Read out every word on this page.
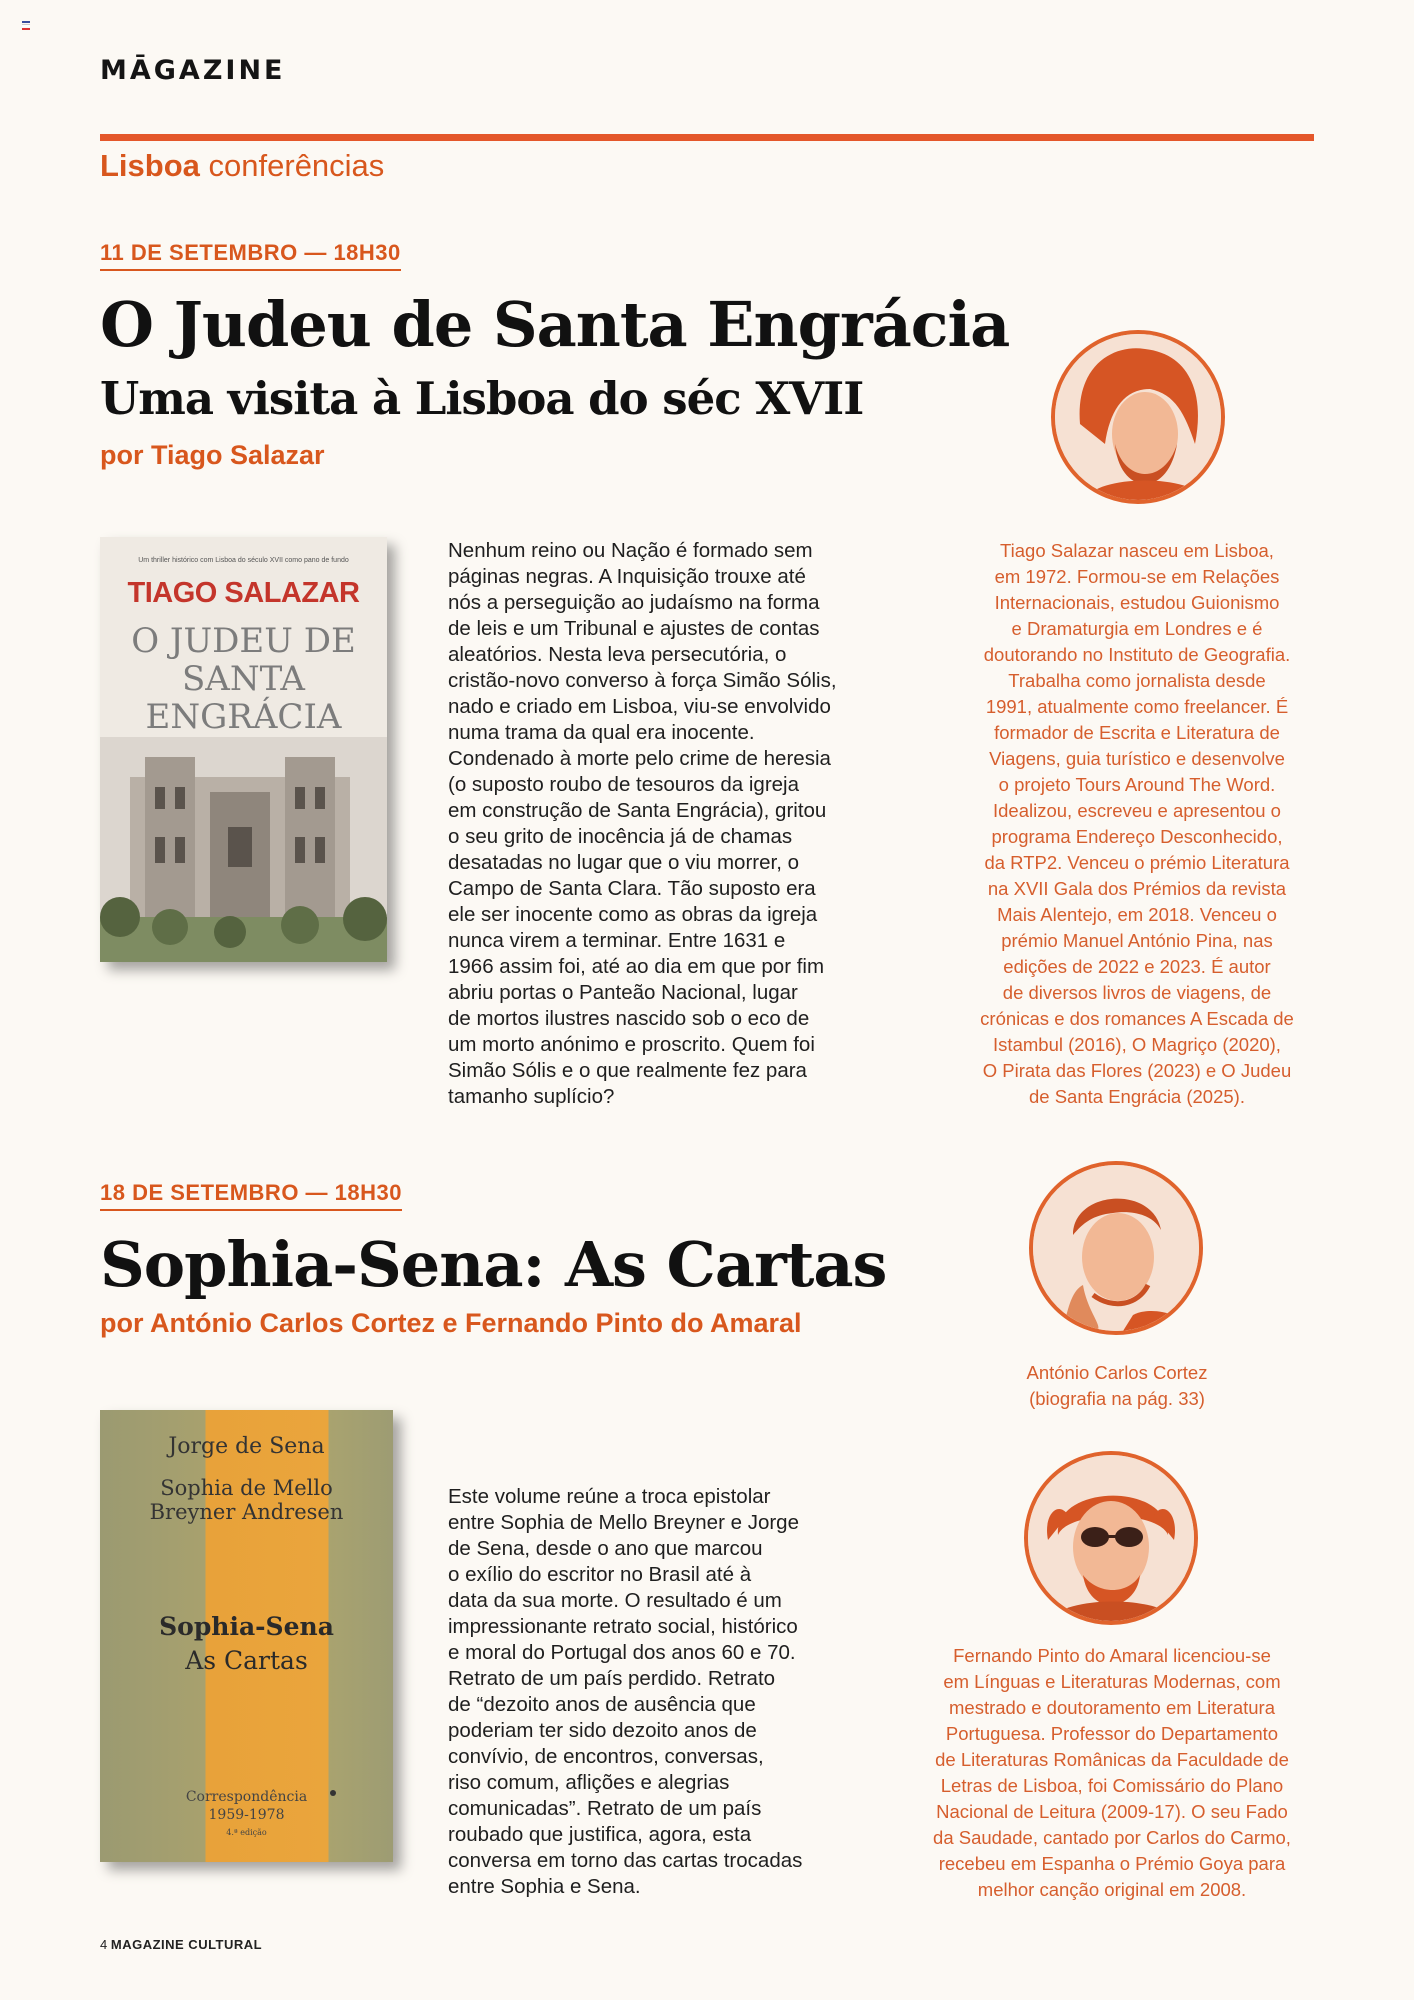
MĀGAZINE
Lisboa conferências
11 DE SETEMBRO — 18H30
O Judeu de Santa Engrácia
Uma visita à Lisboa do séc XVII
por Tiago Salazar
Um thriller histórico com Lisboa do século XVII como pano de fundo
TIAGO SALAZAR
O JUDEU DE
SANTA
ENGRÁCIA
Nenhum reino ou Nação é formado sem
páginas negras. A Inquisição trouxe até
nós a perseguição ao judaísmo na forma
de leis e um Tribunal e ajustes de contas
aleatórios. Nesta leva persecutória, o
cristão-novo converso à força Simão Sólis,
nado e criado em Lisboa, viu-se envolvido
numa trama da qual era inocente.
Condenado à morte pelo crime de heresia
(o suposto roubo de tesouros da igreja
em construção de Santa Engrácia), gritou
o seu grito de inocência já de chamas
desatadas no lugar que o viu morrer, o
Campo de Santa Clara. Tão suposto era
ele ser inocente como as obras da igreja
nunca virem a terminar. Entre 1631 e
1966 assim foi, até ao dia em que por fim
abriu portas o Panteão Nacional, lugar
de mortos ilustres nascido sob o eco de
um morto anónimo e proscrito. Quem foi
Simão Sólis e o que realmente fez para
tamanho suplício?
Tiago Salazar nasceu em Lisboa,
em 1972. Formou-se em Relações
Internacionais, estudou Guionismo
e Dramaturgia em Londres e é
doutorando no Instituto de Geografia.
Trabalha como jornalista desde
1991, atualmente como freelancer. É
formador de Escrita e Literatura de
Viagens, guia turístico e desenvolve
o projeto Tours Around The Word.
Idealizou, escreveu e apresentou o
programa Endereço Desconhecido,
da RTP2. Venceu o prémio Literatura
na XVII Gala dos Prémios da revista
Mais Alentejo, em 2018. Venceu o
prémio Manuel António Pina, nas
edições de 2022 e 2023. É autor
de diversos livros de viagens, de
crónicas e dos romances A Escada de
Istambul (2016), O Magriço (2020),
O Pirata das Flores (2023) e O Judeu
de Santa Engrácia (2025).
18 DE SETEMBRO — 18H30
Sophia-Sena: As Cartas
por António Carlos Cortez e Fernando Pinto do Amaral
António Carlos Cortez
(biografia na pág. 33)
Jorge de Sena
Sophia de Mello
Breyner Andresen
Sophia-Sena
As Cartas
Correspondência
1959-1978
4.ª edição
Este volume reúne a troca epistolar
entre Sophia de Mello Breyner e Jorge
de Sena, desde o ano que marcou
o exílio do escritor no Brasil até à
data da sua morte. O resultado é um
impressionante retrato social, histórico
e moral do Portugal dos anos 60 e 70.
Retrato de um país perdido. Retrato
de “dezoito anos de ausência que
poderiam ter sido dezoito anos de
convívio, de encontros, conversas,
riso comum, aflições e alegrias
comunicadas”. Retrato de um país
roubado que justifica, agora, esta
conversa em torno das cartas trocadas
entre Sophia e Sena.
Fernando Pinto do Amaral licenciou-se
em Línguas e Literaturas Modernas, com
mestrado e doutoramento em Literatura
Portuguesa. Professor do Departamento
de Literaturas Românicas da Faculdade de
Letras de Lisboa, foi Comissário do Plano
Nacional de Leitura (2009-17). O seu Fado
da Saudade, cantado por Carlos do Carmo,
recebeu em Espanha o Prémio Goya para
melhor canção original em 2008.
4 MAGAZINE CULTURAL
